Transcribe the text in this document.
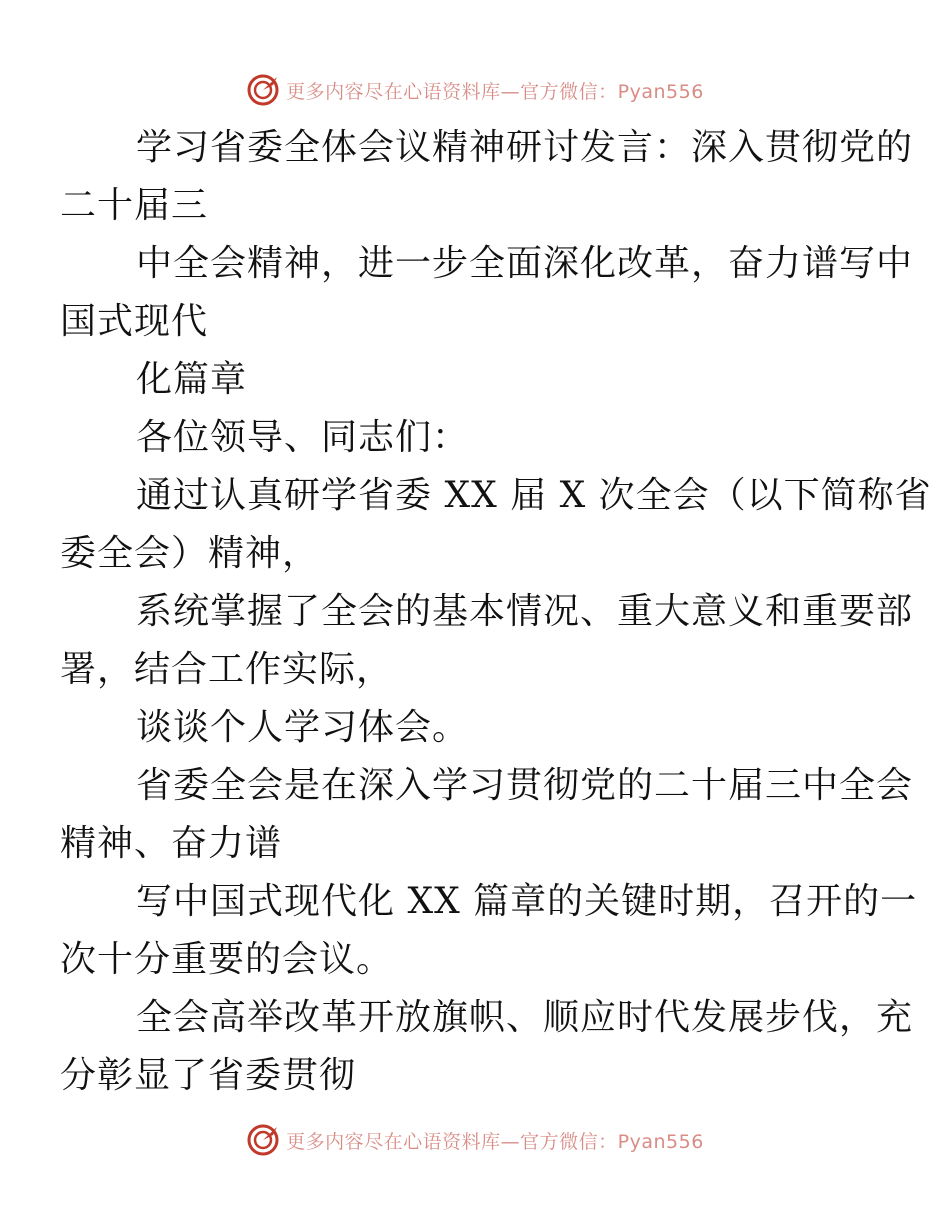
更多内容尽在心语资料库—官方微信：Pyan556

学习省委全体会议精神研讨发言：深入贯彻党的
二十届三

中全会精神，进一步全面深化改革，奋力谱写中
国式现代

化篇章

各位领导、同志们：

通过认真研学省委 XX 届 X 次全会（以下简称省
委全会）精神，

系统掌握了全会的基本情况、重大意义和重要部
署，结合工作实际，

谈谈个人学习体会。

省委全会是在深入学习贯彻党的二十届三中全会
精神、奋力谱

写中国式现代化 XX 篇章的关键时期，召开的一
次十分重要的会议。

全会高举改革开放旗帜、顺应时代发展步伐，充
分彰显了省委贯彻

更多内容尽在心语资料库—官方微信：Pyan556
